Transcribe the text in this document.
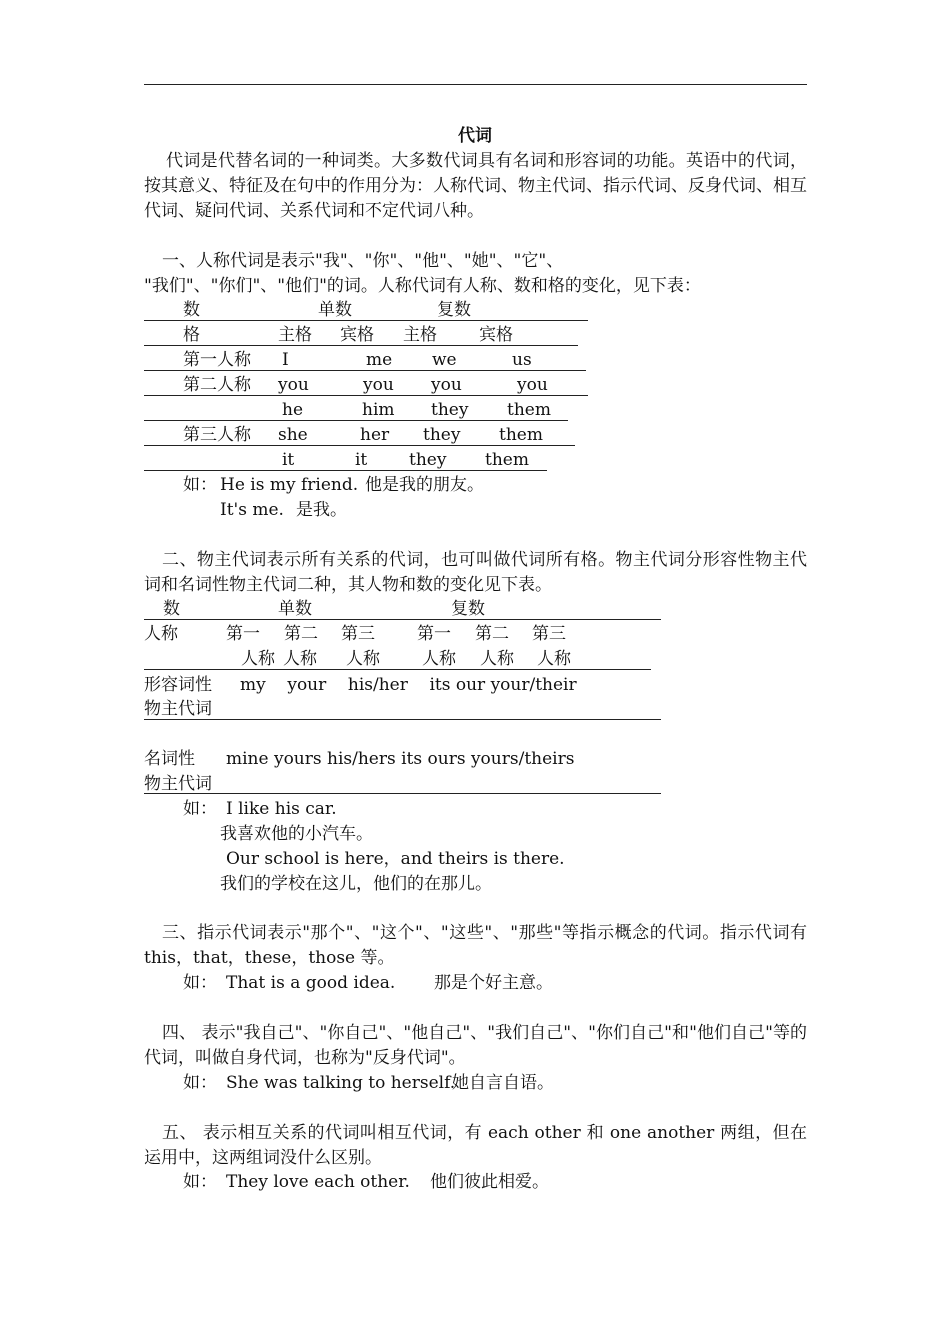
代词
代词是代替名词的一种词类。大多数代词具有名词和形容词的功能。英语中的代词，按其意义、特征及在句中的作用分为：人称代词、物主代词、指示代词、反身代词、相互代词、疑问代词、关系代词和不定代词八种。
一、人称代词是表示"我"、"你"、"他"、"她"、"它"、
"我们"、"你们"、"他们"的词。人称代词有人称、数和格的变化，见下表：
数	单数	复数
格	主格 宾格 主格 宾格
第一人称 I	me we	us
第二人称 you	you you	you
he	him they them
第三人称 she	her they them
it	it they them
如： He is my friend. 他是我的朋友。
It's me. 是我。
二、物主代词表示所有关系的代词，也可叫做代词所有格。物主代词分形容性物主代词和名词性物主代词二种，其人物和数的变化见下表。
数	单数	复数
人称	第一 第二 第三 第一 第二 第三
人称 人称 人称 人称 人称 人称
形容词性 my    your    his/her    its our your/their
物主代词
名词性 mine yours his/hers its ours yours/theirs
物主代词
如： I like his car.
我喜欢他的小汽车。
Our school is here，and theirs is there.
我们的学校在这儿，他们的在那儿。
三、指示代词表示"那个"、"这个"、"这些"、"那些"等指示概念的代词。指示代词有 this，that，these，those 等。
如： That is a good idea. 那是个好主意。
四、 表示"我自己"、"你自己"、"他自己"、"我们自己"、"你们自己"和"他们自己"等的代词，叫做自身代词，也称为"反身代词"。
如： She was talking to herself.
她自言自语。
五、 表示相互关系的代词叫相互代词，有 each other 和 one another 两组，但在运用中，这两组词没什么区别。
如： They love each other. 他们彼此相爱。
